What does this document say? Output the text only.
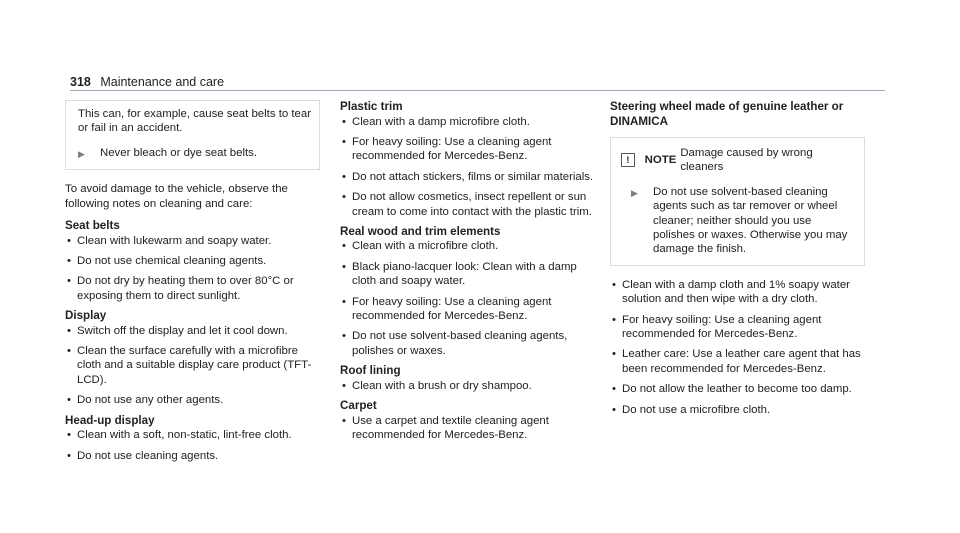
318 Maintenance and care

This can, for example, cause seat belts to tear or fail in an accident.

▶	Never bleach or dye seat belts.

To avoid damage to the vehicle, observe the following notes on cleaning and care:

Seat belts
• Clean with lukewarm and soapy water.
• Do not use chemical cleaning agents.
• Do not dry by heating them to over 80°C or exposing them to direct sunlight.
Display
• Switch off the display and let it cool down.
• Clean the surface carefully with a microfibre cloth and a suitable display care product (TFT-LCD).
• Do not use any other agents.
Head-up display
• Clean with a soft, non-static, lint-free cloth.
• Do not use cleaning agents.
Plastic trim
• Clean with a damp microfibre cloth.
• For heavy soiling: Use a cleaning agent recommended for Mercedes-Benz.
• Do not attach stickers, films or similar materials.
• Do not allow cosmetics, insect repellent or sun cream to come into contact with the plastic trim.
Real wood and trim elements
• Clean with a microfibre cloth.
• Black piano-lacquer look: Clean with a damp cloth and soapy water.
• For heavy soiling: Use a cleaning agent recommended for Mercedes-Benz.
• Do not use solvent-based cleaning agents, polishes or waxes.
Roof lining
• Clean with a brush or dry shampoo.
Carpet
• Use a carpet and textile cleaning agent recommended for Mercedes-Benz.
Steering wheel made of genuine leather or DINAMICA
!	NOTE
Damage caused by wrong cleaners
▶	Do not use solvent-based cleaning agents such as tar remover or wheel cleaner; neither should you use polishes or waxes. Otherwise you may damage the finish.
• Clean with a damp cloth and 1% soapy water solution and then wipe with a dry cloth.
• For heavy soiling: Use a cleaning agent recommended for Mercedes-Benz.
• Leather care: Use a leather care agent that has been recommended for Mercedes-Benz.
• Do not allow the leather to become too damp.
• Do not use a microfibre cloth.
